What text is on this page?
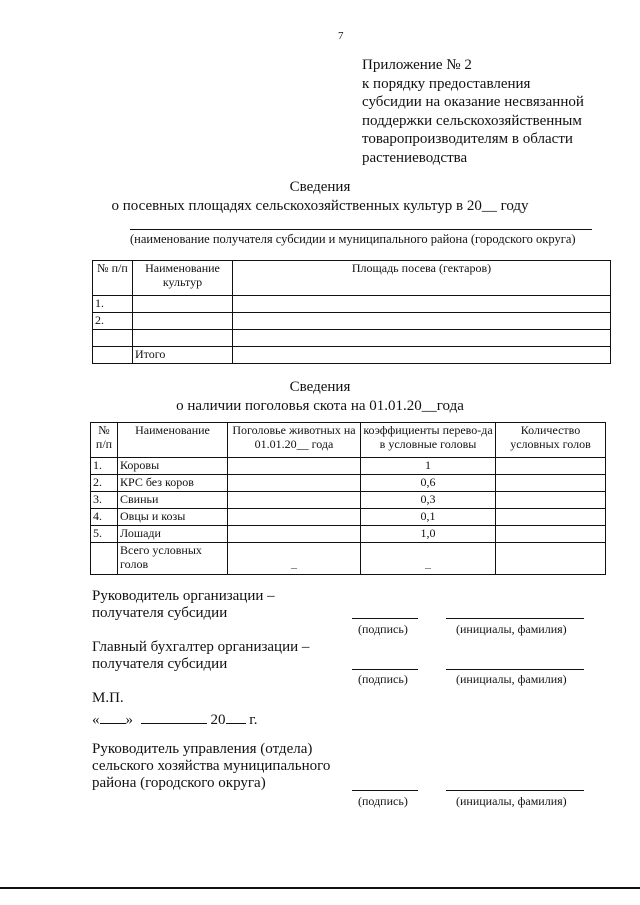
7
Приложение № 2
к порядку предоставления
субсидии на оказание несвязанной
поддержки сельскохозяйственным
товаропроизводителям в области
растениеводства
Сведения
о посевных площадях сельскохозяйственных культур в 20__ году
(наименование получателя субсидии и муниципального района (городского округа)
№ п/п	Наименование культур	Площадь посева (гектаров)
1.		
2.		

	Итого	
Сведения
о наличии поголовья скота на 01.01.20__года
№ п/п	Наименование	Поголовье животных на 01.01.20__ года	коэффициенты перево-да в условные головы	Количество условных голов
1.	Коровы		1	
2.	КРС без коров		0,6	
3.	Свиньи		0,3	
4.	Овцы и козы		0,1	
5.	Лошади		1,0	
	Всего условных голов	–	–	
Руководитель организации –
получателя субсидии
(подпись)	(инициалы, фамилия)
Главный бухгалтер организации –
получателя субсидии
(подпись)	(инициалы, фамилия)
М.П.
« »	20 г.
Руководитель управления (отдела)
сельского хозяйства муниципального
района (городского округа)
(подпись)	(инициалы, фамилия)
